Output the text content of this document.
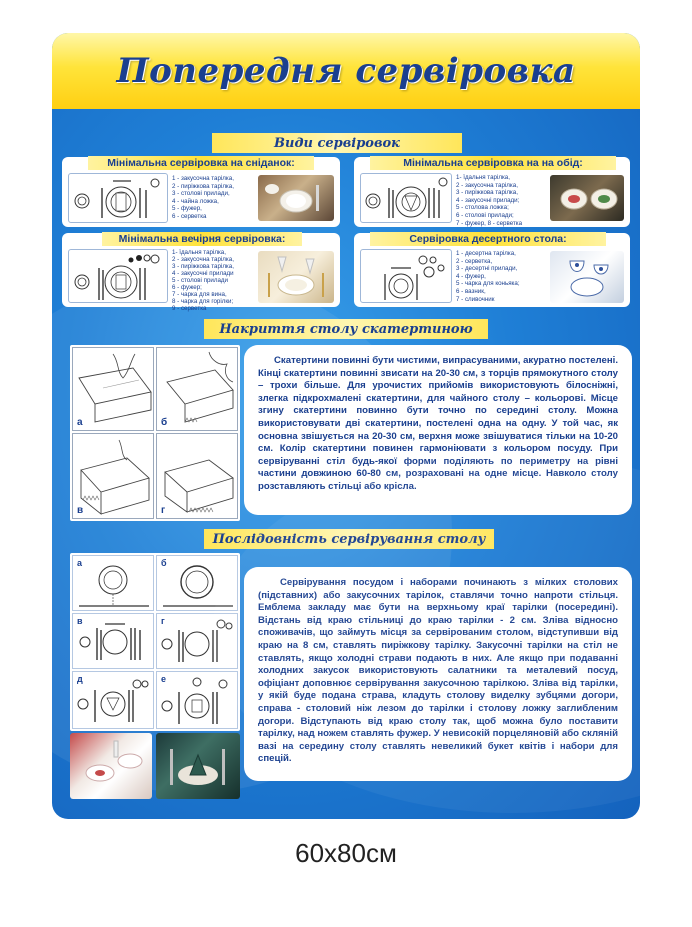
Попередня сервіровка
Види сервіровок
Мінімальна сервіровка на сніданок:
1 - закусочна тарілка,
2 - пиріжкова тарілка,
3 - столові прилади,
4 - чайна ложка,
5 - фужер,
6 - серветка
Мінімальна сервіровка на на обід:
1- їдальня тарілка,
2 - закусочна тарілка,
3 - пиріжкова тарілка,
4 - закусочні прилади;
5 - столова ложка;
6 - столові прилади;
7 - фужер, 8 - серветка
Мінімальна вечірня сервіровка:
1- їдальня тарілка,
2 - закусочна тарілка,
3 - пиріжкова тарілка,
4 - закусочні прилади
5 - столові прилади
6 - фужер;
7 - чарка для вина,
8 - чарка для горілки;
9 - серветка
Сервіровка десертного стола:
1 - десертна тарілка,
2 - серветка,
3 - десертні прилади,
4 - фужер,
5 - чарка для коньяка;
6 - вазник,
7 - сливочник
Накриття столу скатертиною
а	б
в	г

Скатертини повинні бути чистими, випрасуваними, акуратно постелені. Кінці скатертини повинні звисати на 20-30 см, з торців прямокутного столу – трохи більше. Для урочистих прийомів використовують білосніжні, злегка підкрохмалені скатертини, для чайного столу – кольорові. Місце згину скатертини повинно бути точно по середині столу. Можна використовувати дві скатертини, постелені одна на одну. У той час, як основна звішується на 20-30 см, верхня може звішуватися тільки на 10-20 см. Колір скатертини повинен гармоніювати з кольором посуду. При сервіруванні стіл будь-якої форми поділяють по периметру на рівні частини довжиною 60-80 см, розраховані на одне місце. Навколо столу розставляють стільці або крісла.

Послідовність сервірування столу
а	б
в	г
д	е

Сервірування посудом і наборами починають з мілких столових (підставних) або закусочних тарілок, ставлячи точно напроти стільця. Емблема закладу має бути на верхньому краї тарілки (посередині). Відстань від краю стільниці до краю тарілки - 2 см. Зліва відносно споживачів, що займуть місця за сервірованим столом, відступивши від краю на 8 см, ставлять пиріжкову тарілку. Закусочні тарілки на стіл не ставлять, якщо холодні страви подають в них. Але якщо при подаванні холодних закусок використовують салатники та металевий посуд, офіціант доповнює сервірування закусочною тарілкою. Зліва від тарілки, у якій буде подана страва, кладуть столову виделку зубцями догори, справа - столовий ніж лезом до тарілки і столову ложку заглибленим догори. Відступають від краю столу так, щоб можна було поставити тарілку, над ножем ставлять фужер. У невисокій порцеляновій або скляній вазі на середину столу ставлять невеликий букет квітів і набори для спецій.

60x80см
